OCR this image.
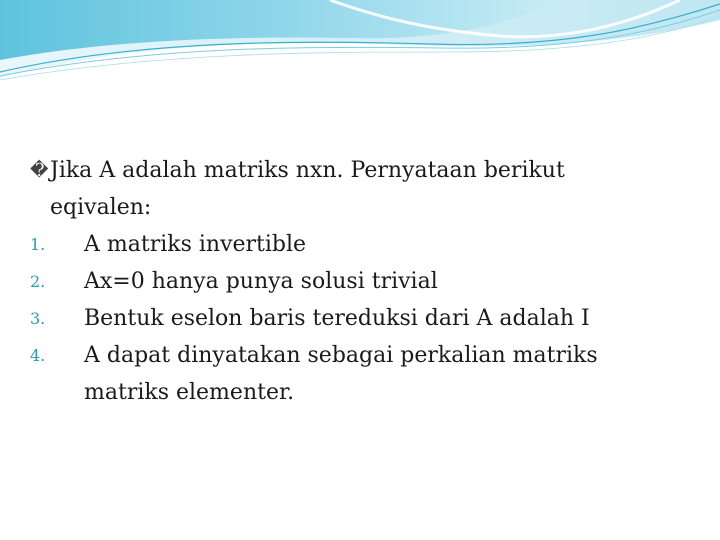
� Jika A adalah matriks nxn. Pernyataan berikut eqivalen:
1.	A matriks invertible
2.	Ax=0 hanya punya solusi trivial
3.	Bentuk eselon baris tereduksi dari A adalah I
4.	A dapat dinyatakan sebagai perkalian matriks matriks elementer.
